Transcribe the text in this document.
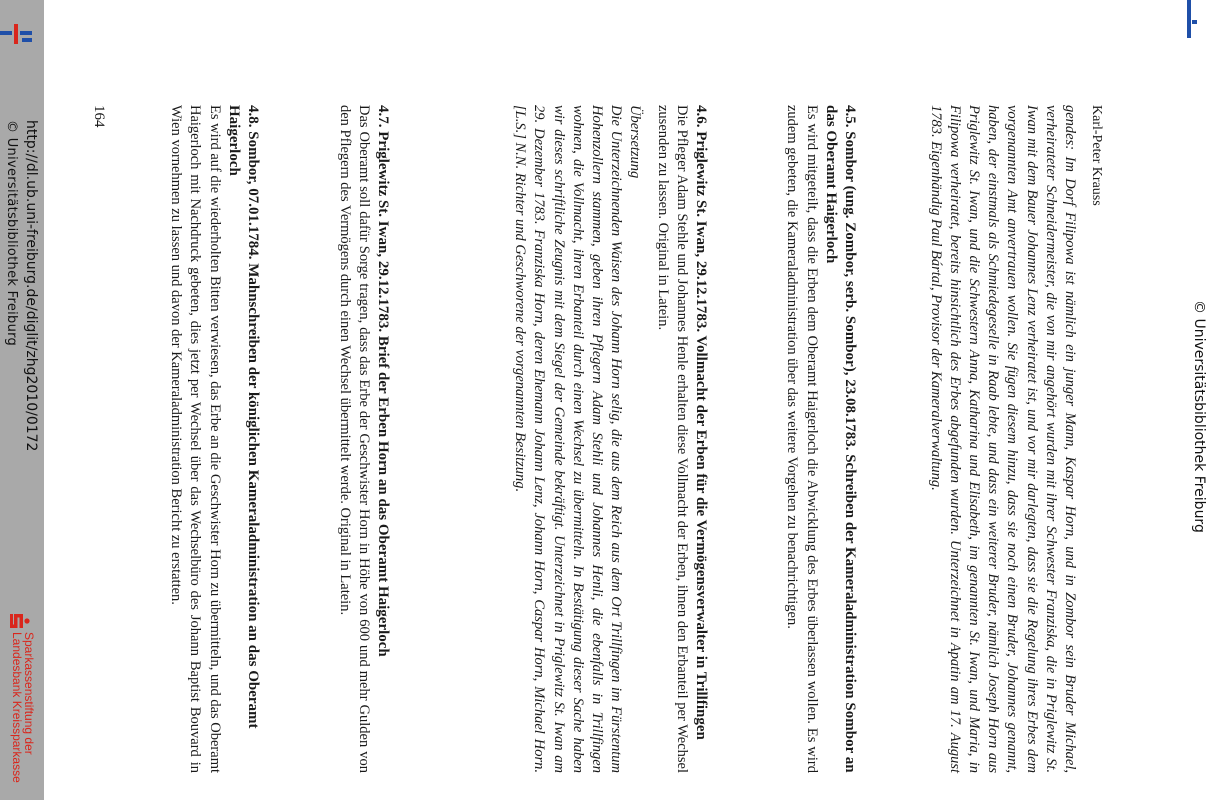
© Universitätsbibliothek Freiburg
Karl-Peter Krauss

gendes: Im Dorf Filipowa ist nämlich ein junger Mann, Kaspar Horn, und in Zombor sein Bruder Michael, verheirateter Schneidermeister, die von mir angehört wurden mit ihrer Schwester Franziska, die in Priglewitz St. Iwan mit dem Bauer Johannes Lenz verheiratet ist, und vor mir darlegten, dass sie die Regelung ihres Erbes dem vorgenannten Amt anvertrauen wollen. Sie fügen diesem hinzu, dass sie noch einen Bruder, Johannes genannt, haben, der einstmals als Schmiedegeselle in Raab lebte, und dass ein weiterer Bruder, nämlich Joseph Horn aus Priglewitz St. Iwan, und die Schwestern Anna, Katharina und Elisabeth, im genannten St. Iwan, und Maria, in Filipowa verheiratet, bereits hinsichtlich des Erbes abgefunden wurden. Unterzeichnet in Apatin am 17. August 1783. Eigenhändig Paul Bártal, Provisor der Kameralverwaltung.

4.5. Sombor (ung. Zombor, serb. Sombor), 23.08.1783. Schreiben der Kameraladministration Sombor an das Oberamt Haigerloch

Es wird mitgeteilt, dass die Erben dem Oberamt Haigerloch die Abwicklung des Erbes überlassen wollen. Es wird zudem gebeten, die Kameraladministration über das weitere Vorgehen zu benachrichtigen.

4.6. Priglewitz St. Iwan, 29.12.1783. Vollmacht der Erben für die Vermögensverwalter in Trillfingen

Die Pfleger Adam Stehle und Johannes Henle erhalten diese Vollmacht der Erben, ihnen den Erbanteil per Wechsel zusenden zu lassen. Original in Latein.

Übersetzung

Die Unterzeichnenden Waisen des Johann Horn selig, die aus dem Reich aus dem Ort Trillfingen im Fürstentum Hohenzollern stammen, geben ihren Pflegern Adam Stehli und Johannes Henli, die ebenfalls in Trillfingen wohnen, die Vollmacht, ihren Erbanteil durch einen Wechsel zu übermitteln. In Bestätigung dieser Sache haben wir dieses schriftliche Zeugnis mit dem Siegel der Gemeinde bekräftigt. Unterzeichnet in Priglewitz St. Iwan am 29. Dezember 1783. Franziska Horn, deren Ehemann Johann Lenz, Johann Horn, Caspar Horn, Michael Horn. [L.S.] N.N. Richter und Geschworene der vorgenannten Besitzung.

4.7. Priglewitz St. Iwan, 29.12.1783. Brief der Erben Horn an das Oberamt Haigerloch

Das Oberamt soll dafür Sorge tragen, dass das Erbe der Geschwister Horn in Höhe von 600 und mehr Gulden von den Pflegern des Vermögens durch einen Wechsel übermittelt werde. Original in Latein.

4.8. Sombor, 07.01.1784. Mahnschreiben der königlichen Kameraladministration an das Oberamt Haigerloch

Es wird auf die wiederholten Bitten verwiesen, das Erbe an die Geschwister Horn zu übermitteln, und das Oberamt Haigerloch mit Nachdruck gebeten, dies jetzt per Wechsel über das Wechselbüro des Johann Baptist Bouvard in Wien vornehmen zu lassen und davon der Kameraladministration Bericht zu erstatten.

164
http://dl.ub.uni-freiburg.de/diglit/zhg2010/0172
© Universitätsbibliothek Freiburg
Sparkassenstiftung der
Landesbank Kreissparkasse
